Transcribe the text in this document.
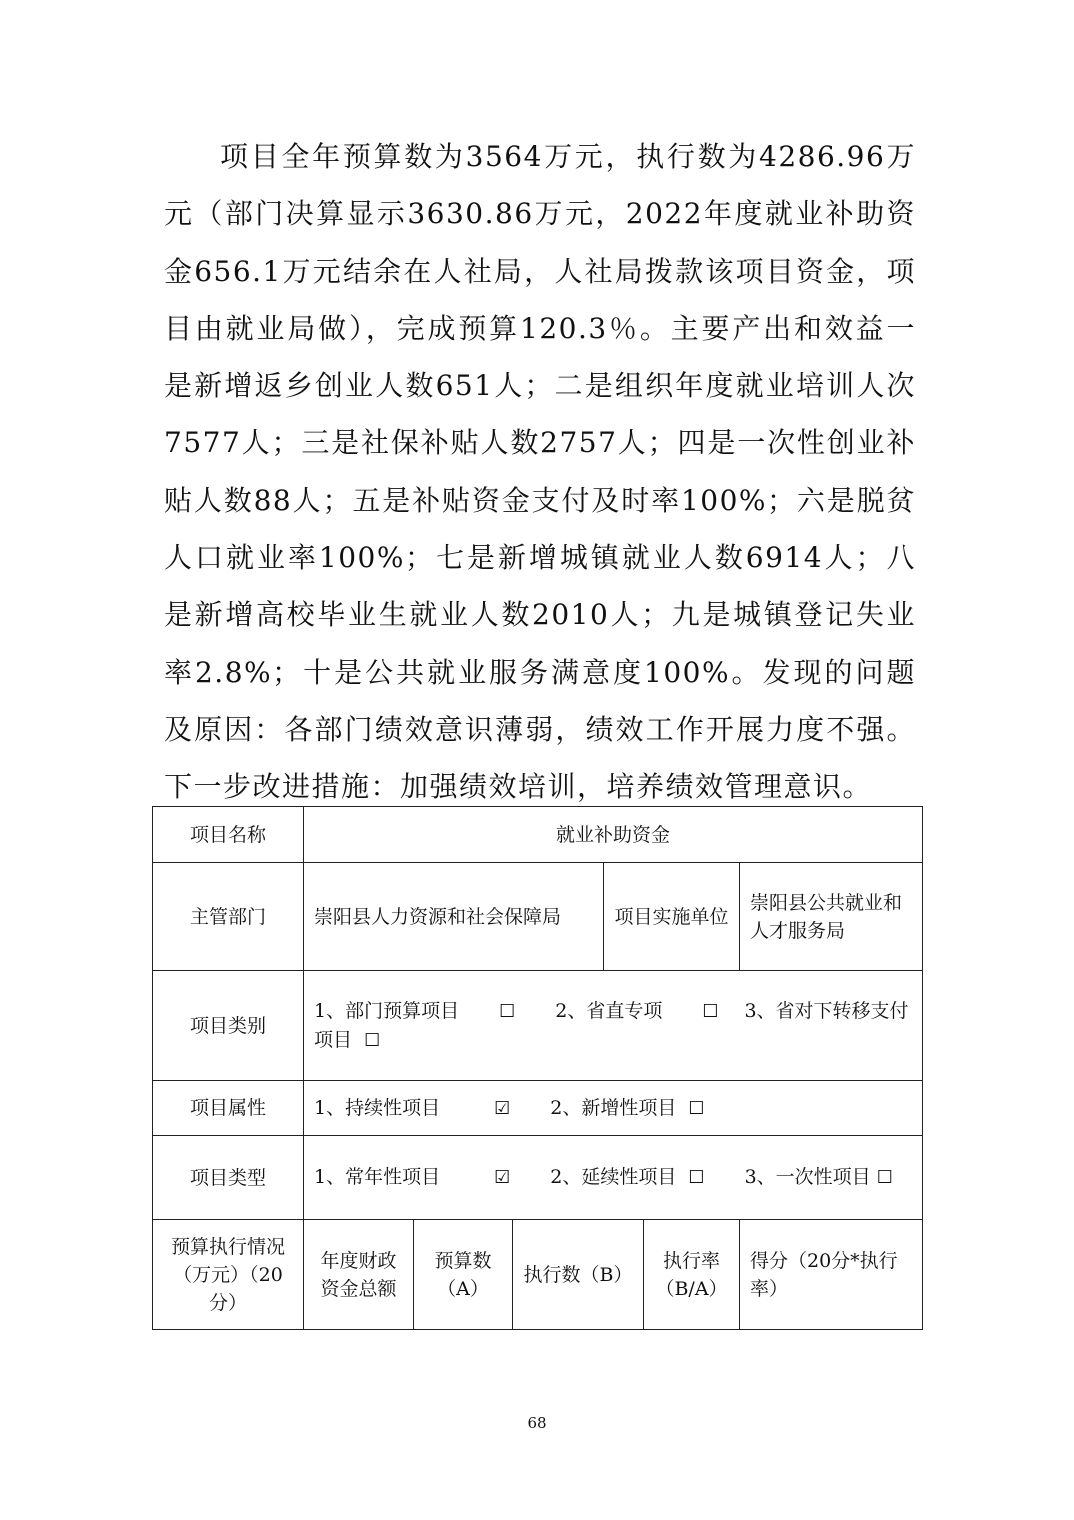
项目全年预算数为3564万元，执行数为4286.96万元（部门决算显示3630.86万元，2022年度就业补助资金656.1万元结余在人社局，人社局拨款该项目资金，项目由就业局做），完成预算120.3％。主要产出和效益一是新增返乡创业人数651人；二是组织年度就业培训人次7577人；三是社保补贴人数2757人；四是一次性创业补贴人数88人；五是补贴资金支付及时率100%；六是脱贫人口就业率100%；七是新增城镇就业人数6914人；八是新增高校毕业生就业人数2010人；九是城镇登记失业率2.8%；十是公共就业服务满意度100%。发现的问题及原因：各部门绩效意识薄弱，绩效工作开展力度不强。下一步改进措施：加强绩效培训，培养绩效管理意识。

项目名称	就业补助资金					
主管部门	崇阳县人力资源和社会保障局			项目实施单位		崇阳县公共就业和人才服务局
项目类别	1、部门预算项目 ☐ 2、省直专项 ☐ 3、省对下转移支付项目 ☐					
项目属性	1、持续性项目 ☑ 2、新增性项目 ☐					
项目类型	1、常年性项目 ☑ 2、延续性项目 ☐ 3、一次性项目 ☐					
预算执行情况（万元）（20分）	年度财政资金总额	预算数（A）	执行数（B）		执行率（B/A）	得分（20分*执行率）
68
